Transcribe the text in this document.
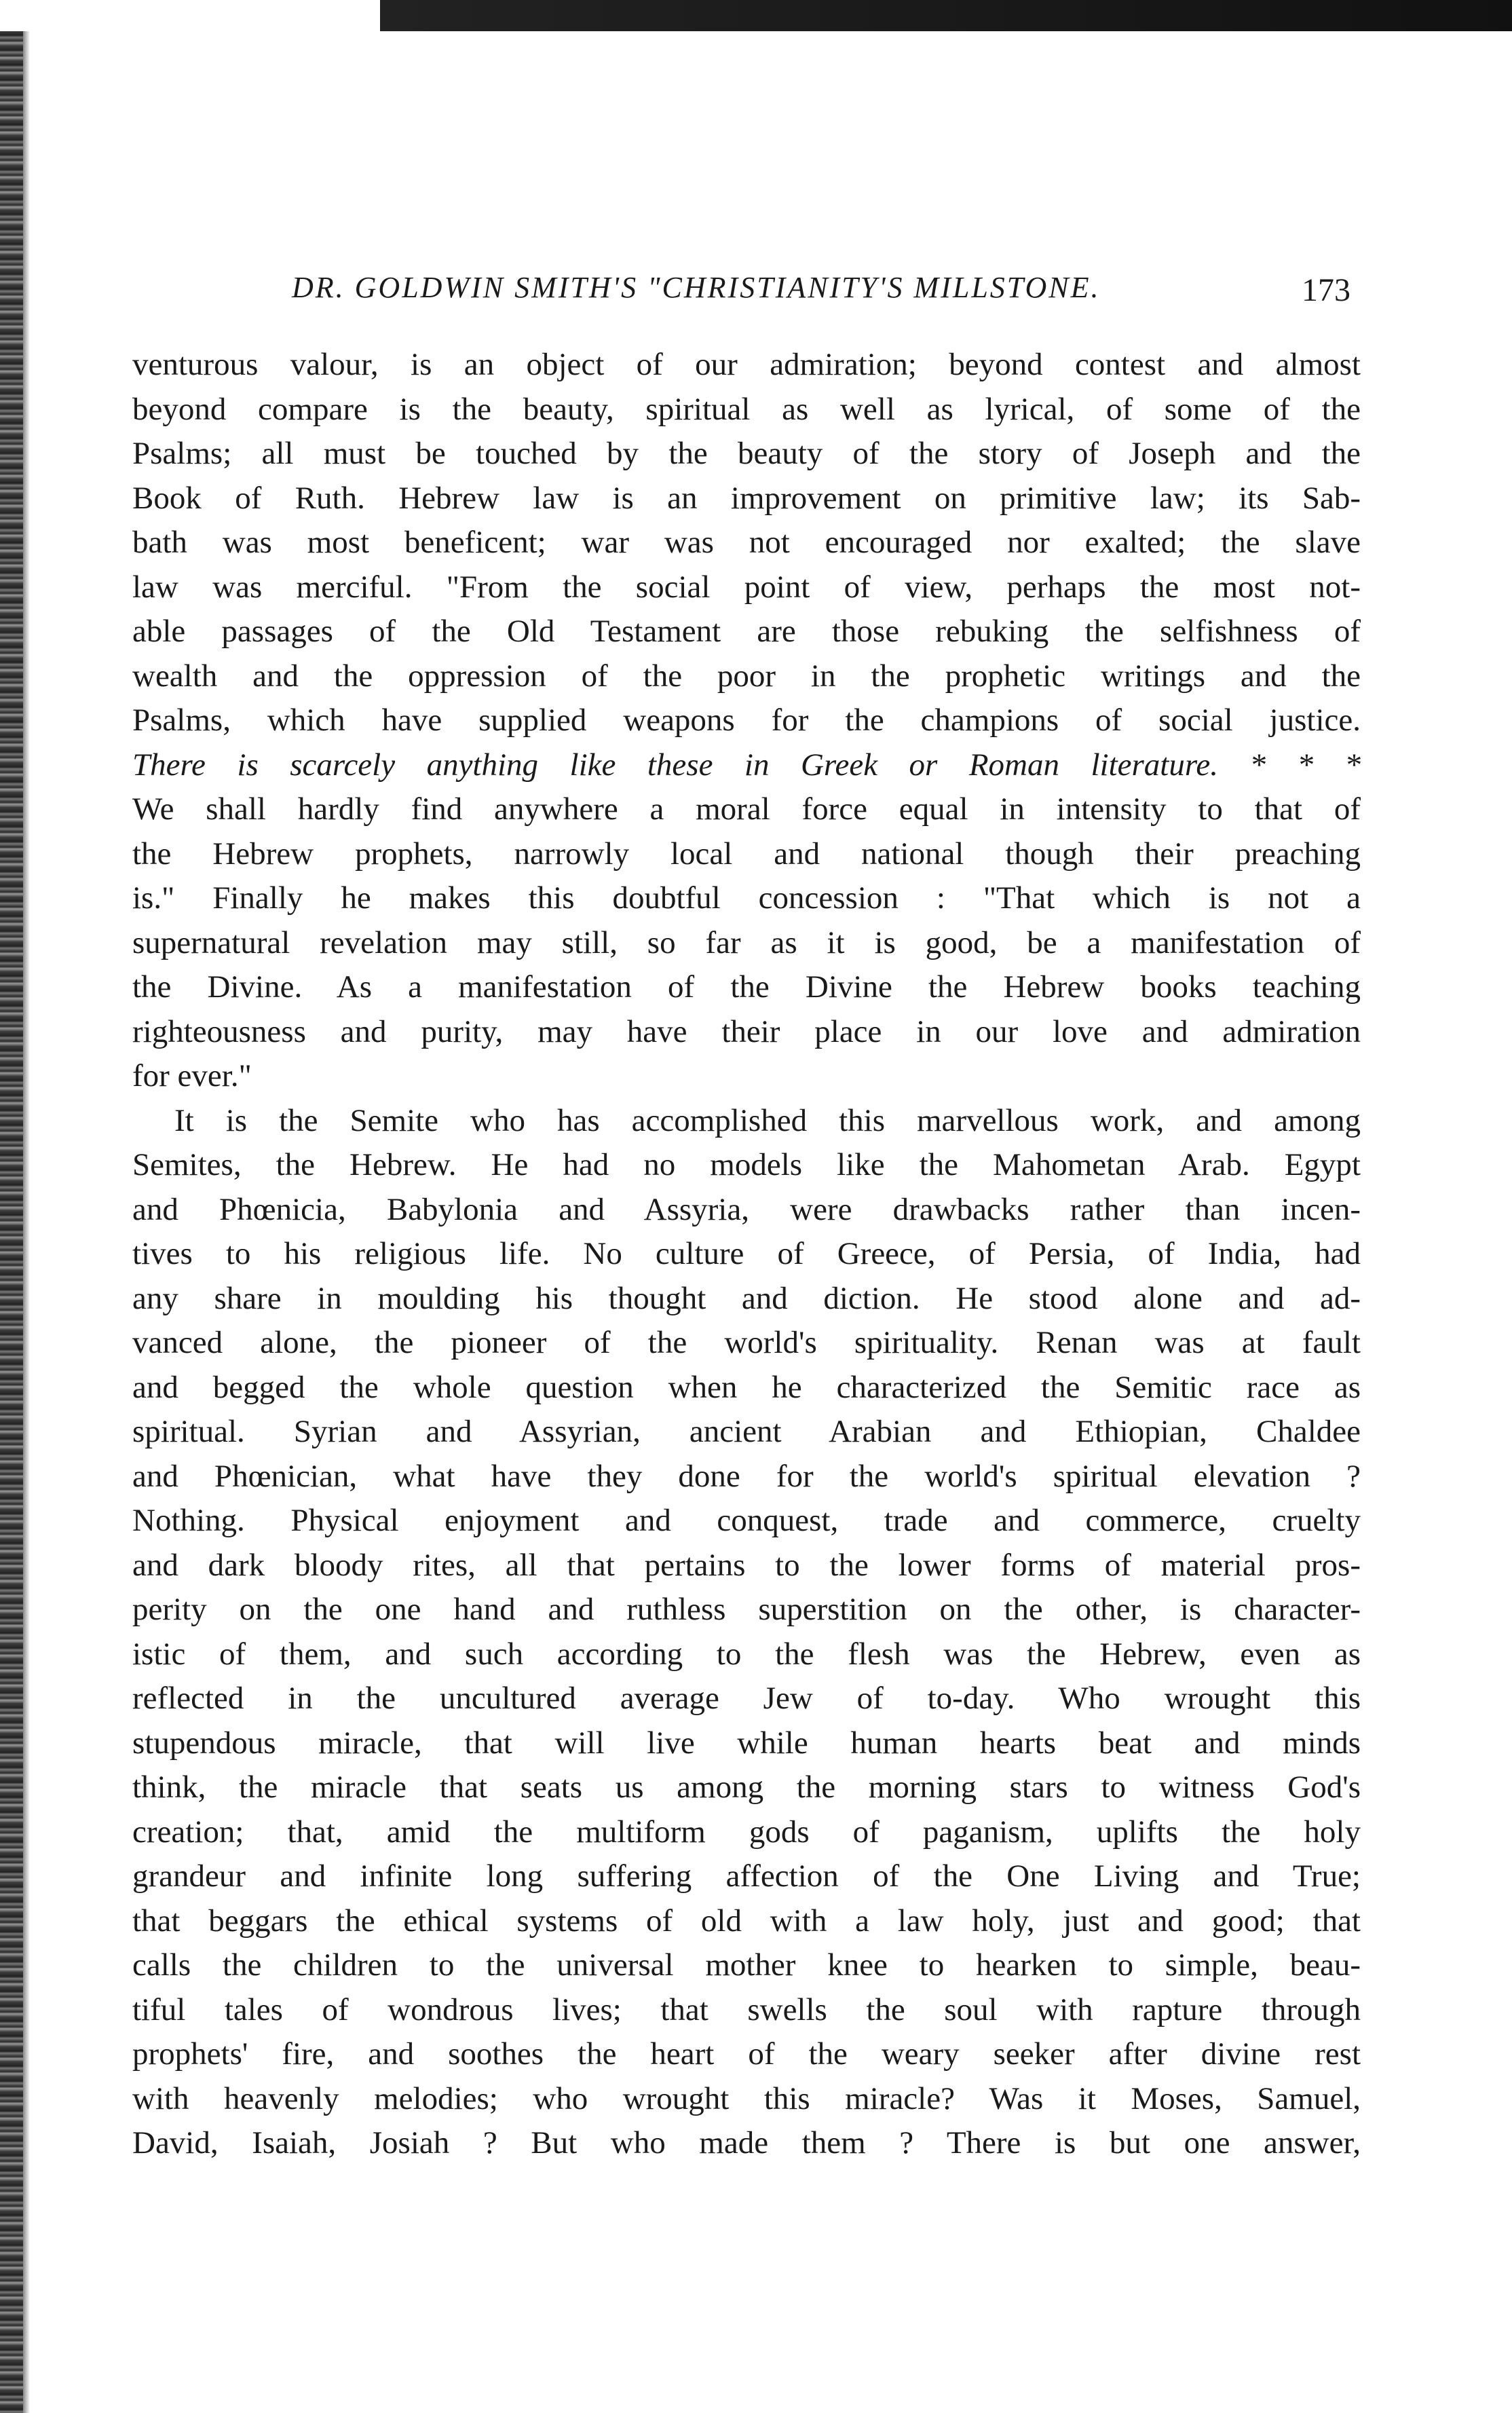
DR. GOLDWIN SMITH'S "CHRISTIANITY'S MILLSTONE.	173
venturous valour, is an object of our admiration; beyond contest and almost
beyond compare is the beauty, spiritual as well as lyrical, of some of the
Psalms; all must be touched by the beauty of the story of Joseph and the
Book of Ruth. Hebrew law is an improvement on primitive law; its Sab-
bath was most beneficent; war was not encouraged nor exalted; the slave
law was merciful. "From the social point of view, perhaps the most not-
able passages of the Old Testament are those rebuking the selfishness of
wealth and the oppression of the poor in the prophetic writings and the
Psalms, which have supplied weapons for the champions of social justice.
There is scarcely anything like these in Greek or Roman literature. * * *
We shall hardly find anywhere a moral force equal in intensity to that of
the Hebrew prophets, narrowly local and national though their preaching
is." Finally he makes this doubtful concession : "That which is not a
supernatural revelation may still, so far as it is good, be a manifestation of
the Divine. As a manifestation of the Divine the Hebrew books teaching
righteousness and purity, may have their place in our love and admiration
for ever."
It is the Semite who has accomplished this marvellous work, and among
Semites, the Hebrew. He had no models like the Mahometan Arab. Egypt
and Phœnicia, Babylonia and Assyria, were drawbacks rather than incen-
tives to his religious life. No culture of Greece, of Persia, of India, had
any share in moulding his thought and diction. He stood alone and ad-
vanced alone, the pioneer of the world's spirituality. Renan was at fault
and begged the whole question when he characterized the Semitic race as
spiritual. Syrian and Assyrian, ancient Arabian and Ethiopian, Chaldee
and Phœnician, what have they done for the world's spiritual elevation ?
Nothing. Physical enjoyment and conquest, trade and commerce, cruelty
and dark bloody rites, all that pertains to the lower forms of material pros-
perity on the one hand and ruthless superstition on the other, is character-
istic of them, and such according to the flesh was the Hebrew, even as
reflected in the uncultured average Jew of to-day. Who wrought this
stupendous miracle, that will live while human hearts beat and minds
think, the miracle that seats us among the morning stars to witness God's
creation; that, amid the multiform gods of paganism, uplifts the holy
grandeur and infinite long suffering affection of the One Living and True;
that beggars the ethical systems of old with a law holy, just and good; that
calls the children to the universal mother knee to hearken to simple, beau-
tiful tales of wondrous lives; that swells the soul with rapture through
prophets' fire, and soothes the heart of the weary seeker after divine rest
with heavenly melodies; who wrought this miracle? Was it Moses, Samuel,
David, Isaiah, Josiah ? But who made them ? There is but one answer,
